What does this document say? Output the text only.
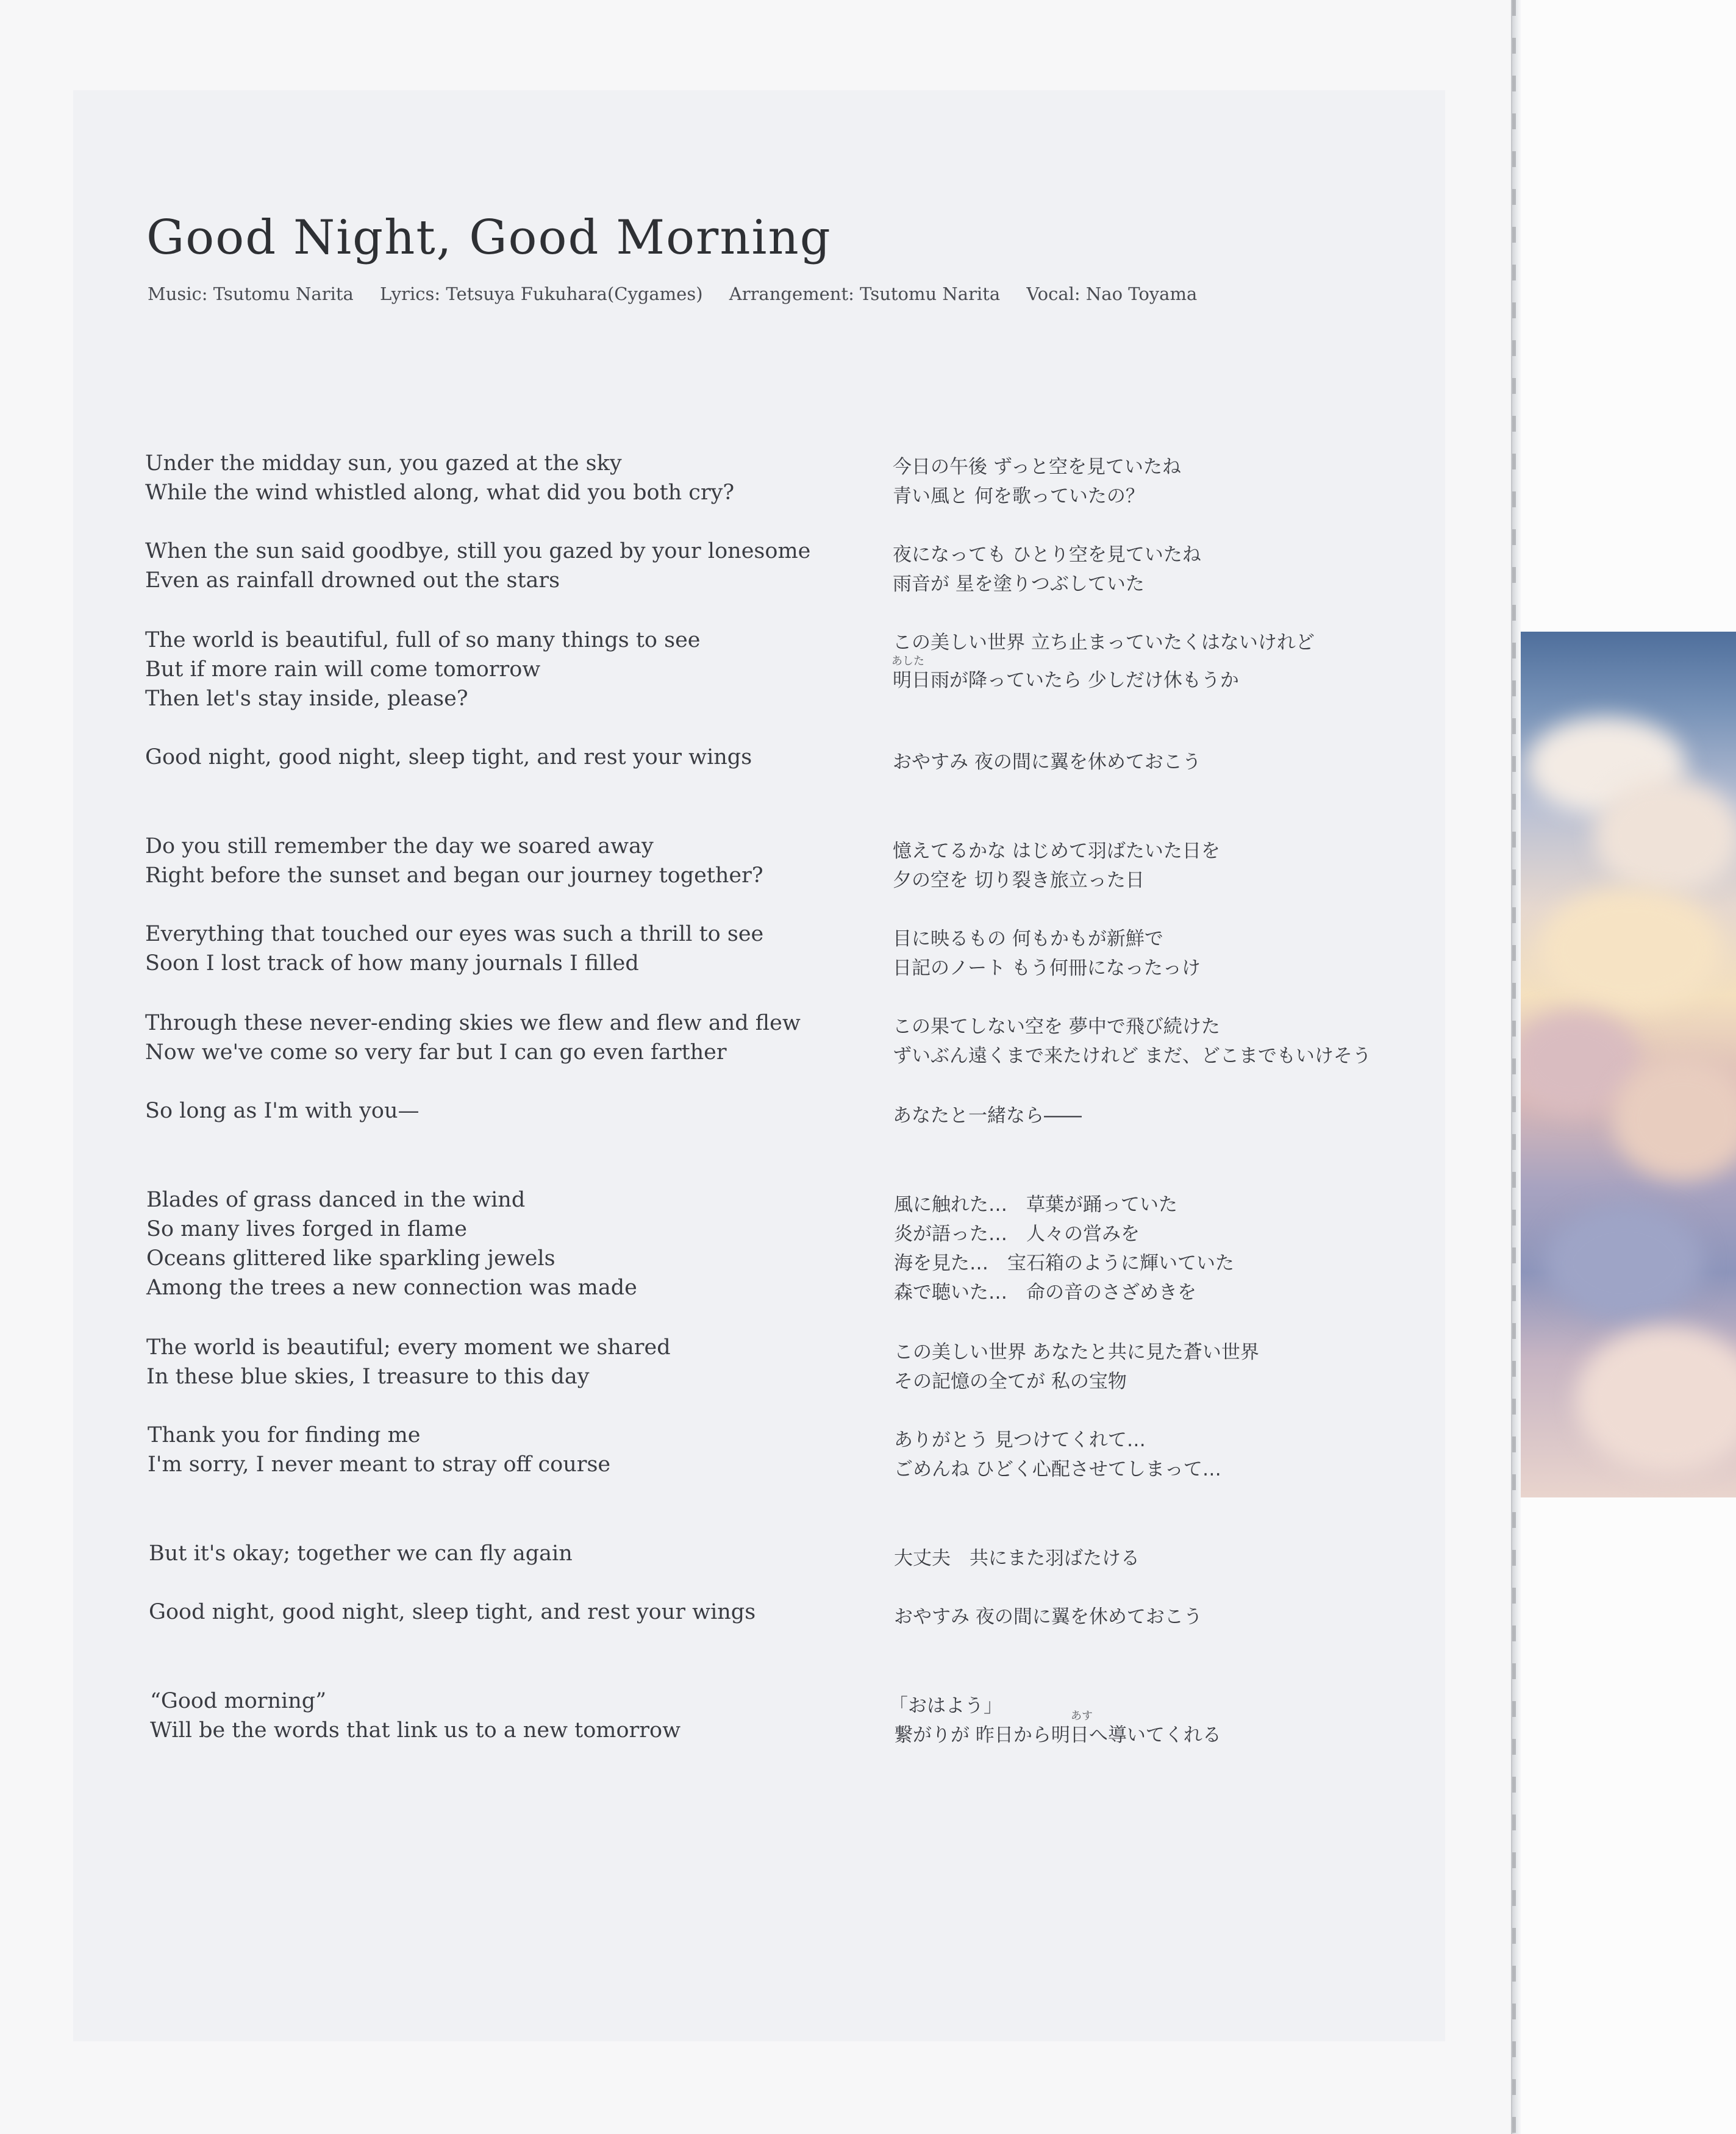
Good Night, Good Morning
Music: Tsutomu Narita Lyrics: Tetsuya Fukuhara(Cygames) Arrangement: Tsutomu Narita Vocal: Nao Toyama
Under the midday sun, you gazed at the sky
While the wind whistled along, what did you both cry?
When the sun said goodbye, still you gazed by your lonesome
Even as rainfall drowned out the stars
The world is beautiful, full of so many things to see
But if more rain will come tomorrow
Then let's stay inside, please?
Good night, good night, sleep tight, and rest your wings
Do you still remember the day we soared away
Right before the sunset and began our journey together?
Everything that touched our eyes was such a thrill to see
Soon I lost track of how many journals I filled
Through these never-ending skies we flew and flew and flew
Now we've come so very far but I can go even farther
So long as I'm with you—
Blades of grass danced in the wind
So many lives forged in flame
Oceans glittered like sparkling jewels
Among the trees a new connection was made
The world is beautiful; every moment we shared
In these blue skies, I treasure to this day
Thank you for finding me
I'm sorry, I never meant to stray off course
But it's okay; together we can fly again
Good night, good night, sleep tight, and rest your wings
“Good morning”
Will be the words that link us to a new tomorrow
今日の午後 ずっと空を見ていたね
青い風と 何を歌っていたの？
夜になっても ひとり空を見ていたね
雨音が 星を塗りつぶしていた
この美しい世界 立ち止まっていたくはないけれど
あした
明日雨が降っていたら 少しだけ休もうか
おやすみ 夜の間に翼を休めておこう
憶えてるかな はじめて羽ばたいた日を
夕の空を 切り裂き旅立った日
目に映るもの 何もかもが新鮮で
日記のノート もう何冊になったっけ
この果てしない空を 夢中で飛び続けた
ずいぶん遠くまで来たけれど まだ、どこまでもいけそう
あなたと一緒なら――
風に触れた…　草葉が踊っていた
炎が語った…　人々の営みを
海を見た…　宝石箱のように輝いていた
森で聴いた…　命の音のさざめきを
この美しい世界 あなたと共に見た蒼い世界
その記憶の全てが 私の宝物
ありがとう 見つけてくれて…
ごめんね ひどく心配させてしまって…
大丈夫　共にまた羽ばたける
おやすみ 夜の間に翼を休めておこう
「おはよう」	あす
繋がりが 昨日から明日へ導いてくれる
